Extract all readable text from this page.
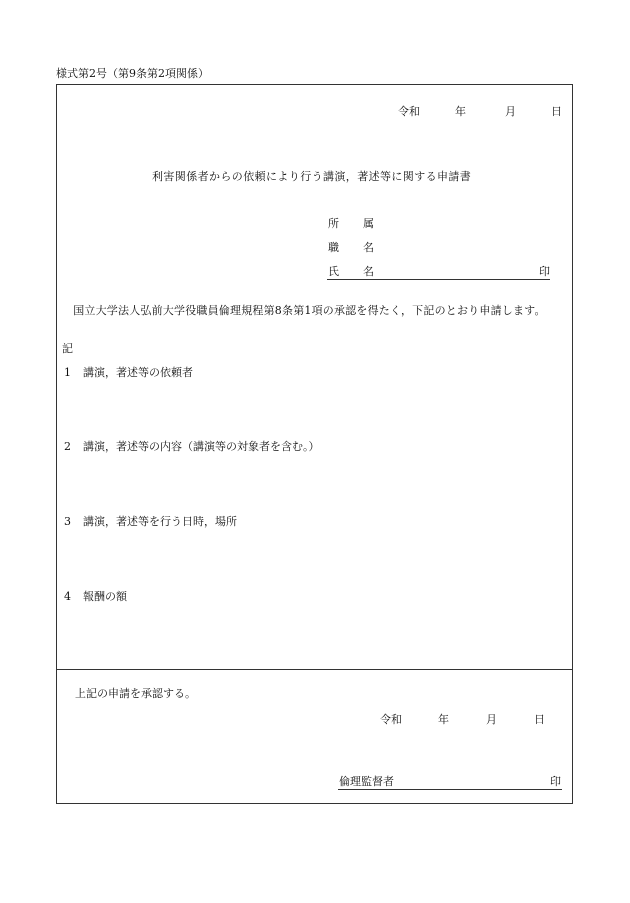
様式第2号（第9条第2項関係）
令和	年	月	日
利害関係者からの依頼により行う講演，著述等に関する申請書
所 属
職 名
氏 名	印
　国立大学法人弘前大学役職員倫理規程第8条第1項の承認を得たく，下記のとおり申請します。
記
1 講演，著述等の依頼者
2 講演，著述等の内容（講演等の対象者を含む。）
3 講演，著述等を行う日時，場所
4 報酬の額
上記の申請を承認する。
令和	年	月	日
倫理監督者	印
